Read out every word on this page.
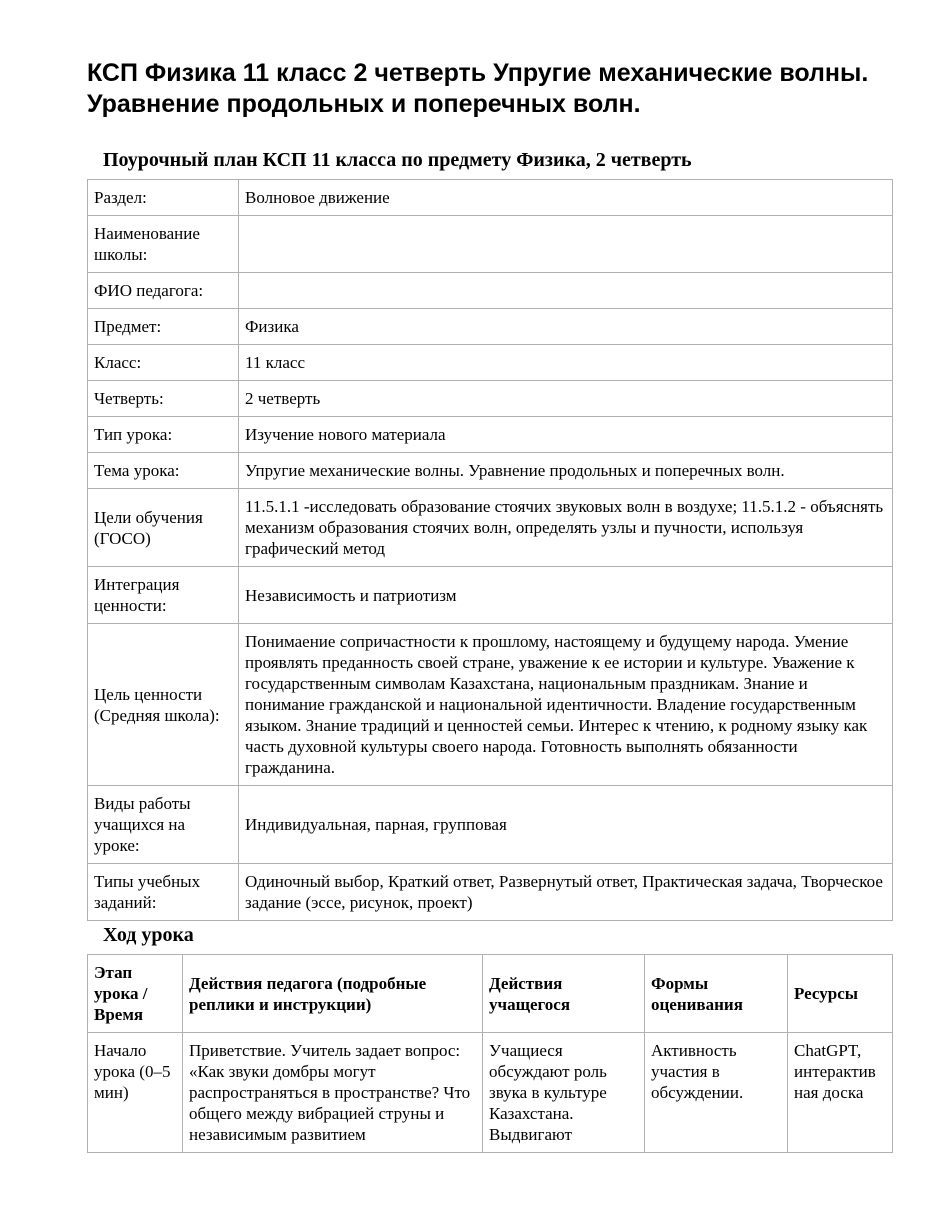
КСП Физика 11 класс 2 четверть Упругие механические волны. Уравнение продольных и поперечных волн.
Поурочный план КСП 11 класса по предмету Физика, 2 четверть
Раздел:	Волновое движение
Наименование школы:	
ФИО педагога:	
Предмет:	Физика
Класс:	11 класс
Четверть:	2 четверть
Тип урока:	Изучение нового материала
Тема урока:	Упругие механические волны. Уравнение продольных и поперечных волн.
Цели обучения (ГОСО)	11.5.1.1 -исследовать образование стоячих звуковых волн в воздухе; 11.5.1.2 - объяснять механизм образования стоячих волн, определять узлы и пучности, используя графический метод
Интеграция ценности:	Независимость и патриотизм
Цель ценности (Средняя школа):	Понимаение сопричастности к прошлому, настоящему и будущему народа. Умение проявлять преданность своей стране, уважение к ее истории и культуре. Уважение к государственным символам Казахстана, национальным праздникам. Знание и понимание гражданской и национальной идентичности. Владение государственным языком. Знание традиций и ценностей семьи. Интерес к чтению, к родному языку как часть духовной культуры своего народа. Готовность выполнять обязанности гражданина.
Виды работы учащихся на уроке:	Индивидуальная, парная, групповая
Типы учебных заданий:	Одиночный выбор, Краткий ответ, Развернутый ответ, Практическая задача, Творческое задание (эссе, рисунок, проект)
Ход урока
Этап урока / Время	Действия педагога (подробные реплики и инструкции)	Действия учащегося	Формы оценивания	Ресурсы
Начало урока (0–5 мин)	Приветствие. Учитель задает вопрос: «Как звуки домбры могут распространяться в пространстве? Что общего между вибрацией струны и независимым развитием	Учащиеся обсуждают роль звука в культуре Казахстана. Выдвигают	Активность участия в обсуждении.	ChatGPT, интерактив ная доска
